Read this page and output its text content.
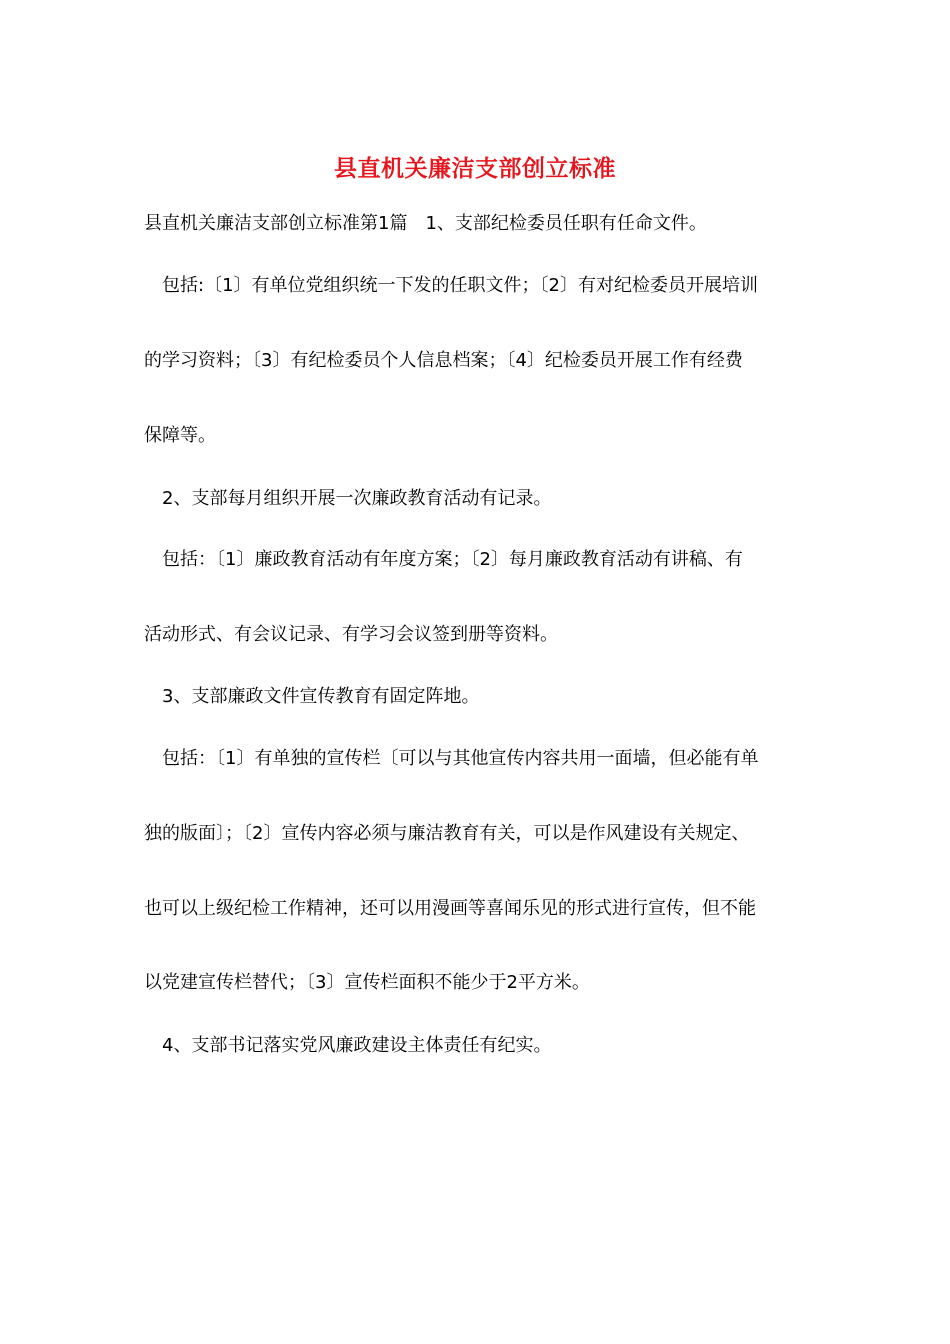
县直机关廉洁支部创立标准
县直机关廉洁支部创立标准第1篇　1、支部纪检委员任职有任命文件。
包括:〔1〕有单位党组织统一下发的任职文件；〔2〕有对纪检委员开展培训
的学习资料；〔3〕有纪检委员个人信息档案；〔4〕纪检委员开展工作有经费
保障等。
2、支部每月组织开展一次廉政教育活动有记录。
包括：〔1〕廉政教育活动有年度方案；〔2〕每月廉政教育活动有讲稿、有
活动形式、有会议记录、有学习会议签到册等资料。
3、支部廉政文件宣传教育有固定阵地。
包括：〔1〕有单独的宣传栏〔可以与其他宣传内容共用一面墙，但必能有单
独的版面〕；〔2〕宣传内容必须与廉洁教育有关，可以是作风建设有关规定、
也可以上级纪检工作精神，还可以用漫画等喜闻乐见的形式进行宣传，但不能
以党建宣传栏替代；〔3〕宣传栏面积不能少于2平方米。
4、支部书记落实党风廉政建设主体责任有纪实。
